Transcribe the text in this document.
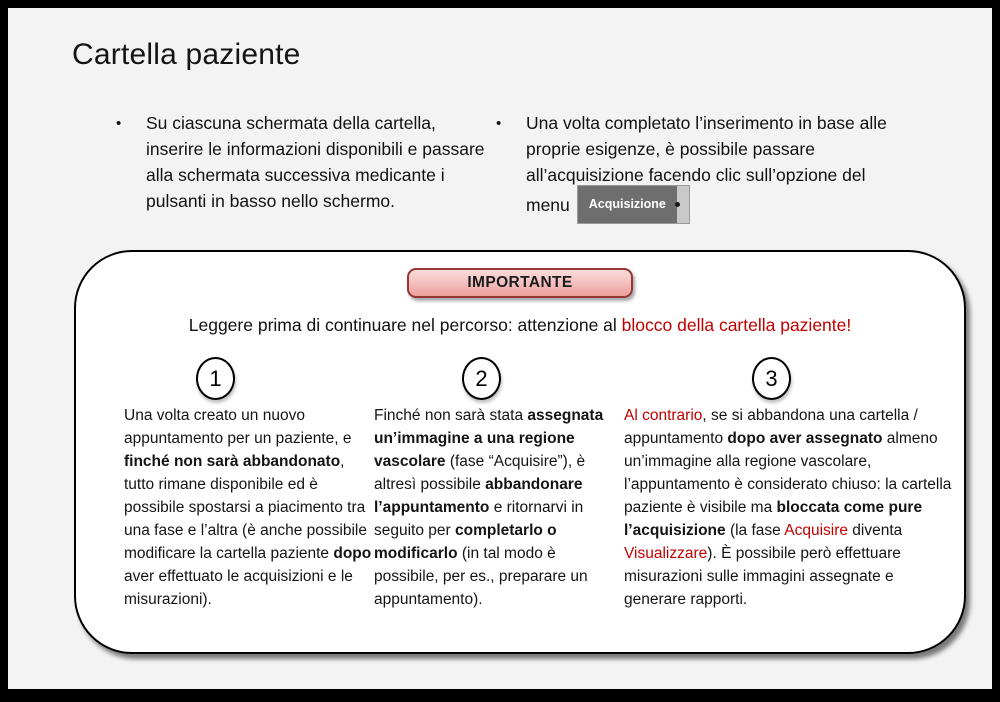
Cartella paziente
•	Su ciascuna schermata della cartella, inserire le informazioni disponibili e passare alla schermata successiva medicante i pulsanti in basso nello schermo.
•	Una volta completato l’inserimento in base alle proprie esigenze, è possibile passare all’acquisizione facendo clic sull’opzione del menu	Acquisizione
IMPORTANTE
Leggere prima di continuare nel percorso: attenzione al blocco della cartella paziente!
1	2	3
Una volta creato un nuovo appuntamento per un paziente, e finché non sarà abbandonato, tutto rimane disponibile ed è possibile spostarsi a piacimento tra una fase e l’altra (è anche possibile modificare la cartella paziente dopo aver effettuato le acquisizioni e le misurazioni).
Finché non sarà stata assegnata un’immagine a una regione vascolare (fase “Acquisire”), è altresì possibile abbandonare l’appuntamento e ritornarvi in seguito per completarlo o modificarlo (in tal modo è possibile, per es., preparare un appuntamento).
Al contrario, se si abbandona una cartella / appuntamento dopo aver assegnato almeno un’immagine alla regione vascolare, l’appuntamento è considerato chiuso: la cartella paziente è visibile ma bloccata come pure l’acquisizione (la fase Acquisire diventa Visualizzare). È possibile però effettuare misurazioni sulle immagini assegnate e generare rapporti.
